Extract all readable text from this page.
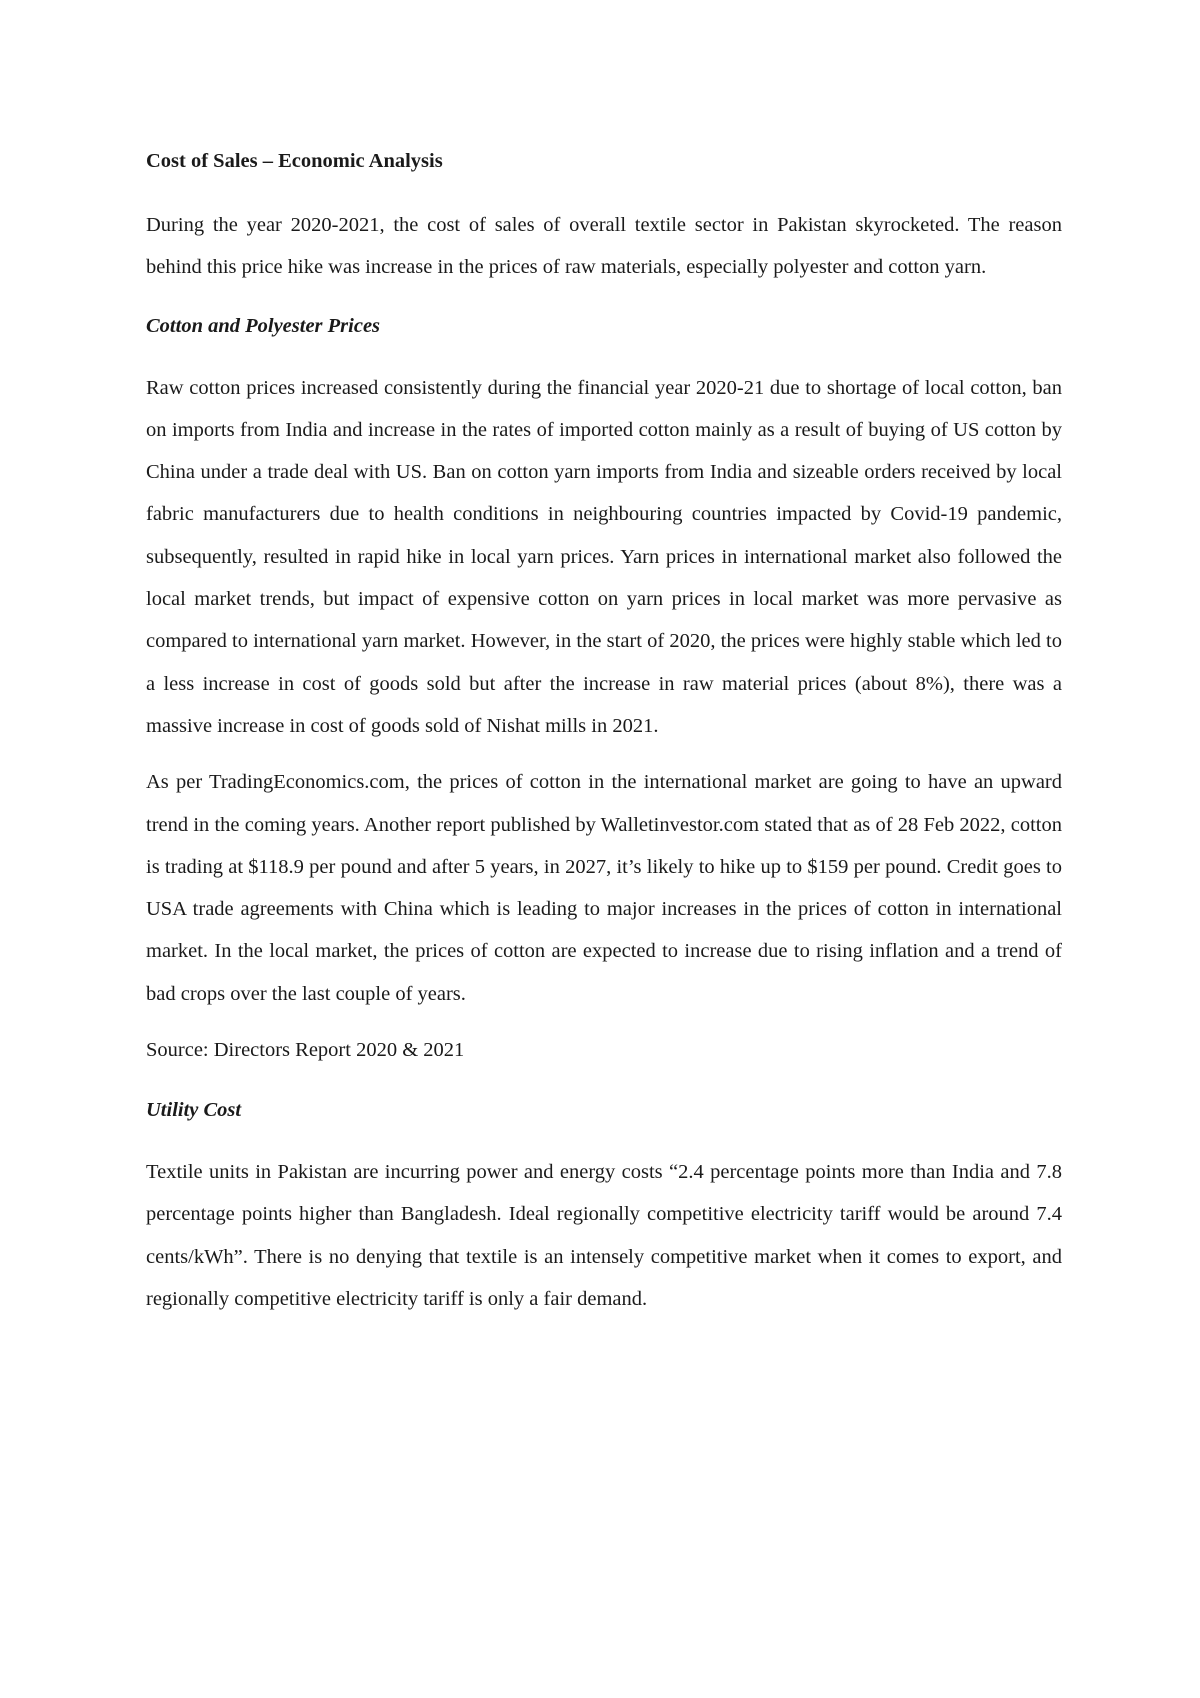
Cost of Sales – Economic Analysis

During the year 2020-2021, the cost of sales of overall textile sector in Pakistan skyrocketed. The reason behind this price hike was increase in the prices of raw materials, especially polyester and cotton yarn.

Cotton and Polyester Prices

Raw cotton prices increased consistently during the financial year 2020-21 due to shortage of local cotton, ban on imports from India and increase in the rates of imported cotton mainly as a result of buying of US cotton by China under a trade deal with US. Ban on cotton yarn imports from India and sizeable orders received by local fabric manufacturers due to health conditions in neighbouring countries impacted by Covid-19 pandemic, subsequently, resulted in rapid hike in local yarn prices. Yarn prices in international market also followed the local market trends, but impact of expensive cotton on yarn prices in local market was more pervasive as compared to international yarn market. However, in the start of 2020, the prices were highly stable which led to a less increase in cost of goods sold but after the increase in raw material prices (about 8%), there was a massive increase in cost of goods sold of Nishat mills in 2021.

As per TradingEconomics.com, the prices of cotton in the international market are going to have an upward trend in the coming years. Another report published by Walletinvestor.com stated that as of 28 Feb 2022, cotton is trading at $118.9 per pound and after 5 years, in 2027, it’s likely to hike up to $159 per pound. Credit goes to USA trade agreements with China which is leading to major increases in the prices of cotton in international market. In the local market, the prices of cotton are expected to increase due to rising inflation and a trend of bad crops over the last couple of years.

Source: Directors Report 2020 & 2021
Utility Cost

Textile units in Pakistan are incurring power and energy costs “2.4 percentage points more than India and 7.8 percentage points higher than Bangladesh. Ideal regionally competitive electricity tariff would be around 7.4 cents/kWh”. There is no denying that textile is an intensely competitive market when it comes to export, and regionally competitive electricity tariff is only a fair demand.
